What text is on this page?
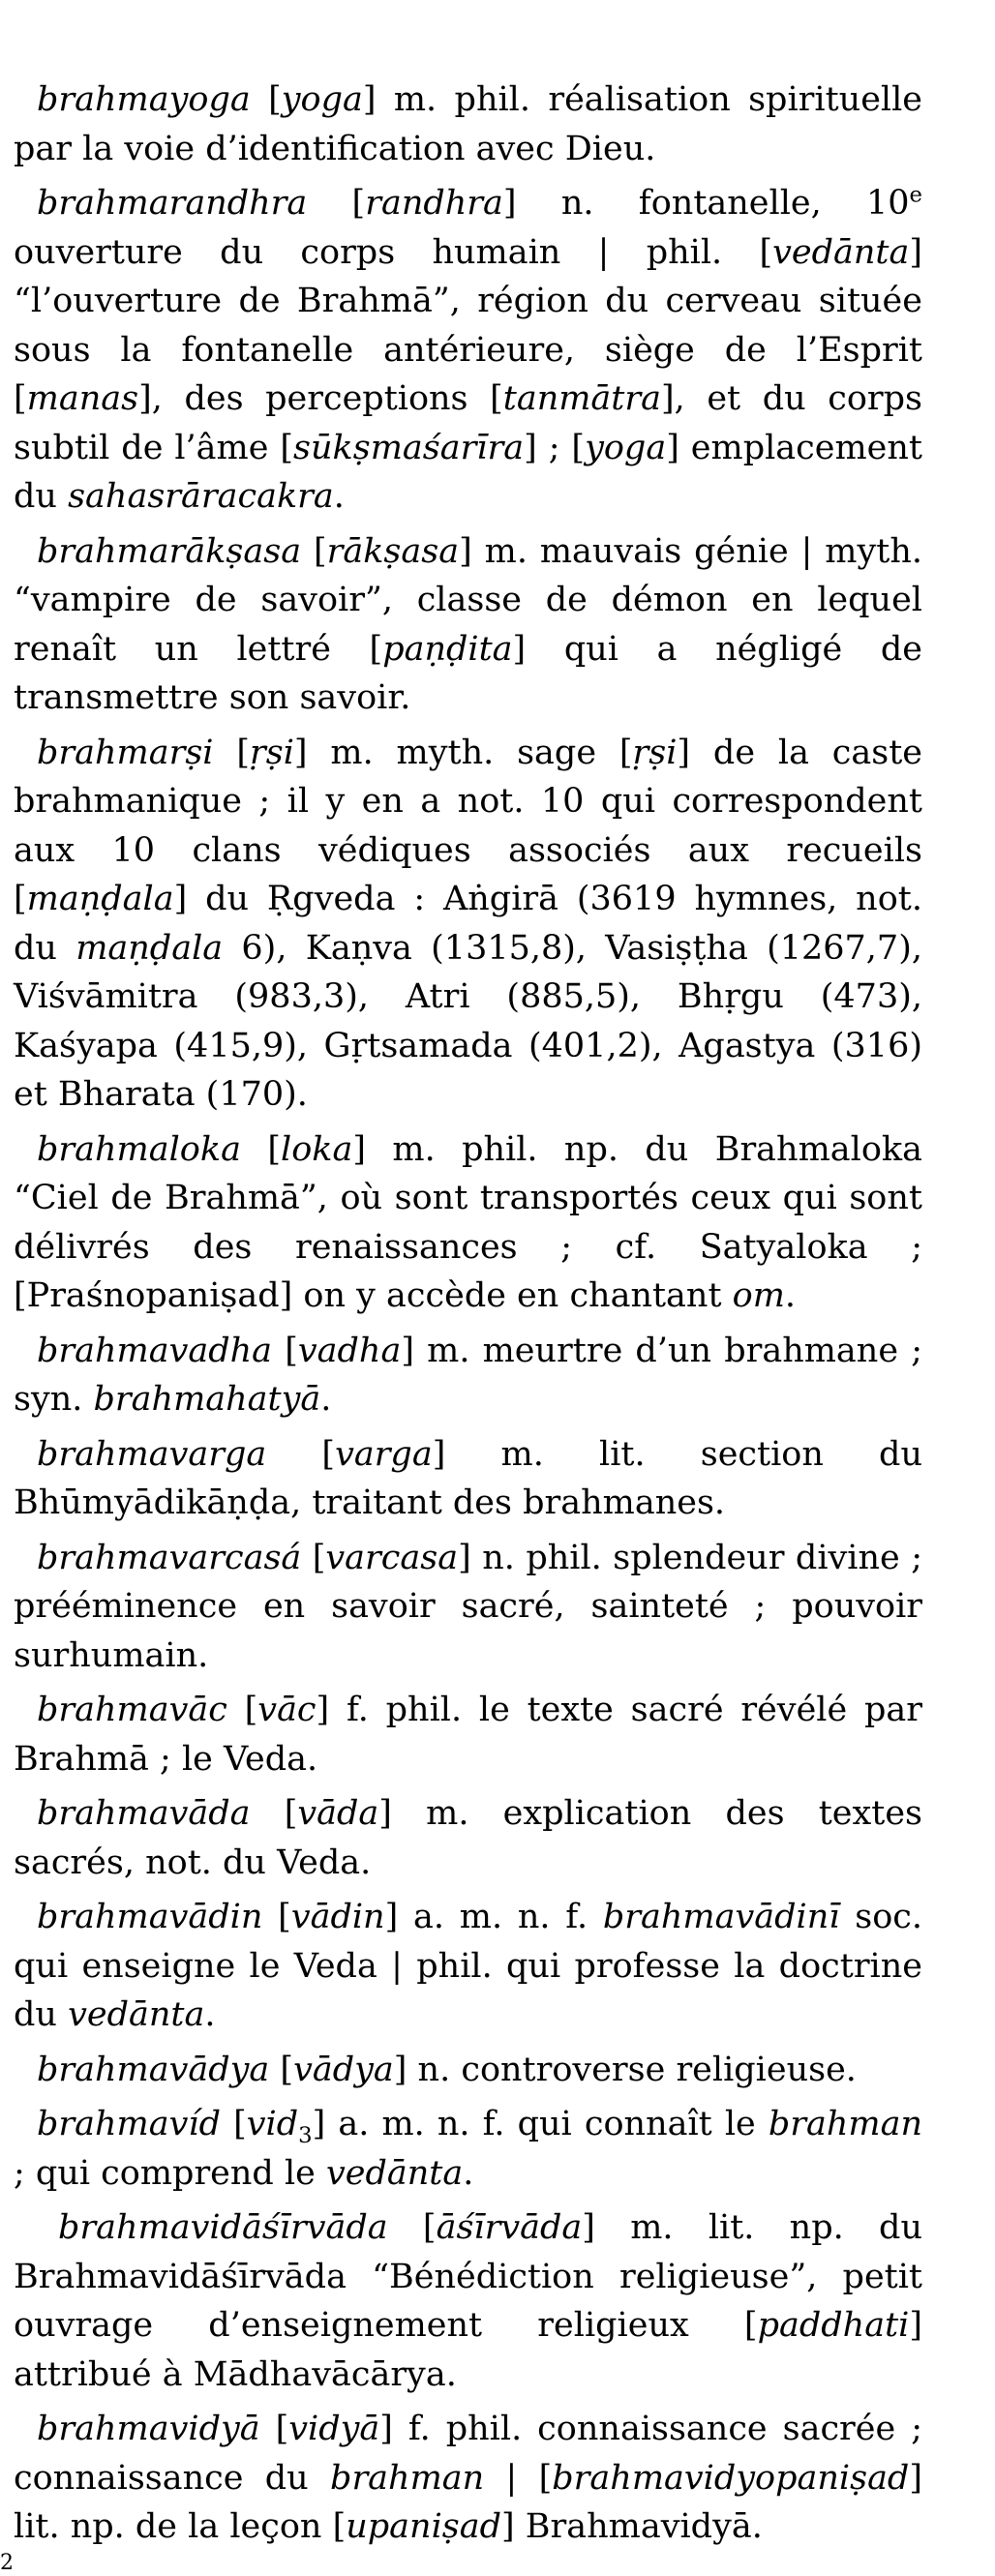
brahmayoga [yoga] m. phil. réalisation spirituelle par la voie d’identification avec Dieu.

brahmarandhra [randhra] n. fontanelle, 10e ouverture du corps humain | phil. [vedānta] “l’ouverture de Brahmā”, région du cerveau située sous la fontanelle antérieure, siège de l’Esprit [manas], des perceptions [tanmātra], et du corps subtil de l’âme [sūkṣmaśarīra] ; [yoga] emplacement du sahasrāracakra.

brahmarākṣasa [rākṣasa] m. mauvais génie | myth. “vampire de savoir”, classe de démon en lequel renaît un lettré [paṇḍita] qui a négligé de transmettre son savoir.

brahmarṣi [ṛṣi] m. myth. sage [ṛṣi] de la caste brahmanique ; il y en a not. 10 qui correspondent aux 10 clans védiques associés aux recueils [maṇḍala] du Ṛgveda : Aṅgirā (3619 hymnes, not. du maṇḍala 6), Kaṇva (1315,8), Vasiṣṭha (1267,7), Viśvāmitra (983,3), Atri (885,5), Bhṛgu (473), Kaśyapa (415,9), Gṛtsamada (401,2), Agastya (316) et Bharata (170).

brahmaloka [loka] m. phil. np. du Brahmaloka “Ciel de Brahmā”, où sont transportés ceux qui sont délivrés des renaissances ; cf. Satyaloka ; [Praśnopaniṣad] on y accède en chantant om.

brahmavadha [vadha] m. meurtre d’un brahmane ; syn. brahmahatyā.

brahmavarga [varga] m. lit. section du Bhūmyādikāṇḍa, traitant des brahmanes.

brahmavarcasá [varcasa] n. phil. splendeur divine ; prééminence en savoir sacré, sainteté ; pouvoir surhumain.

brahmavāc [vāc] f. phil. le texte sacré révélé par Brahmā ; le Veda.

brahmavāda [vāda] m. explication des textes sacrés, not. du Veda.

brahmavādin [vādin] a. m. n. f. brahmavādinī soc. qui enseigne le Veda | phil. qui professe la doctrine du vedānta.

brahmavādya [vādya] n. controverse religieuse.

brahmavíd [vid$_3$] a. m. n. f. qui connaît le brahman ; qui comprend le vedānta.

brahmavidāśīrvāda [āśīrvāda] m. lit. np. du Brahmavidāśīrvāda “Bénédiction religieuse”, petit ouvrage d’enseignement religieux [paddhati] attribué à Mādhavācārya.

brahmavidyā [vidyā] f. phil. connaissance sacrée ; connaissance du brahman | [brahmavidyopaniṣad] lit. np. de la leçon [upaniṣad] Brahmavidyā.

2
